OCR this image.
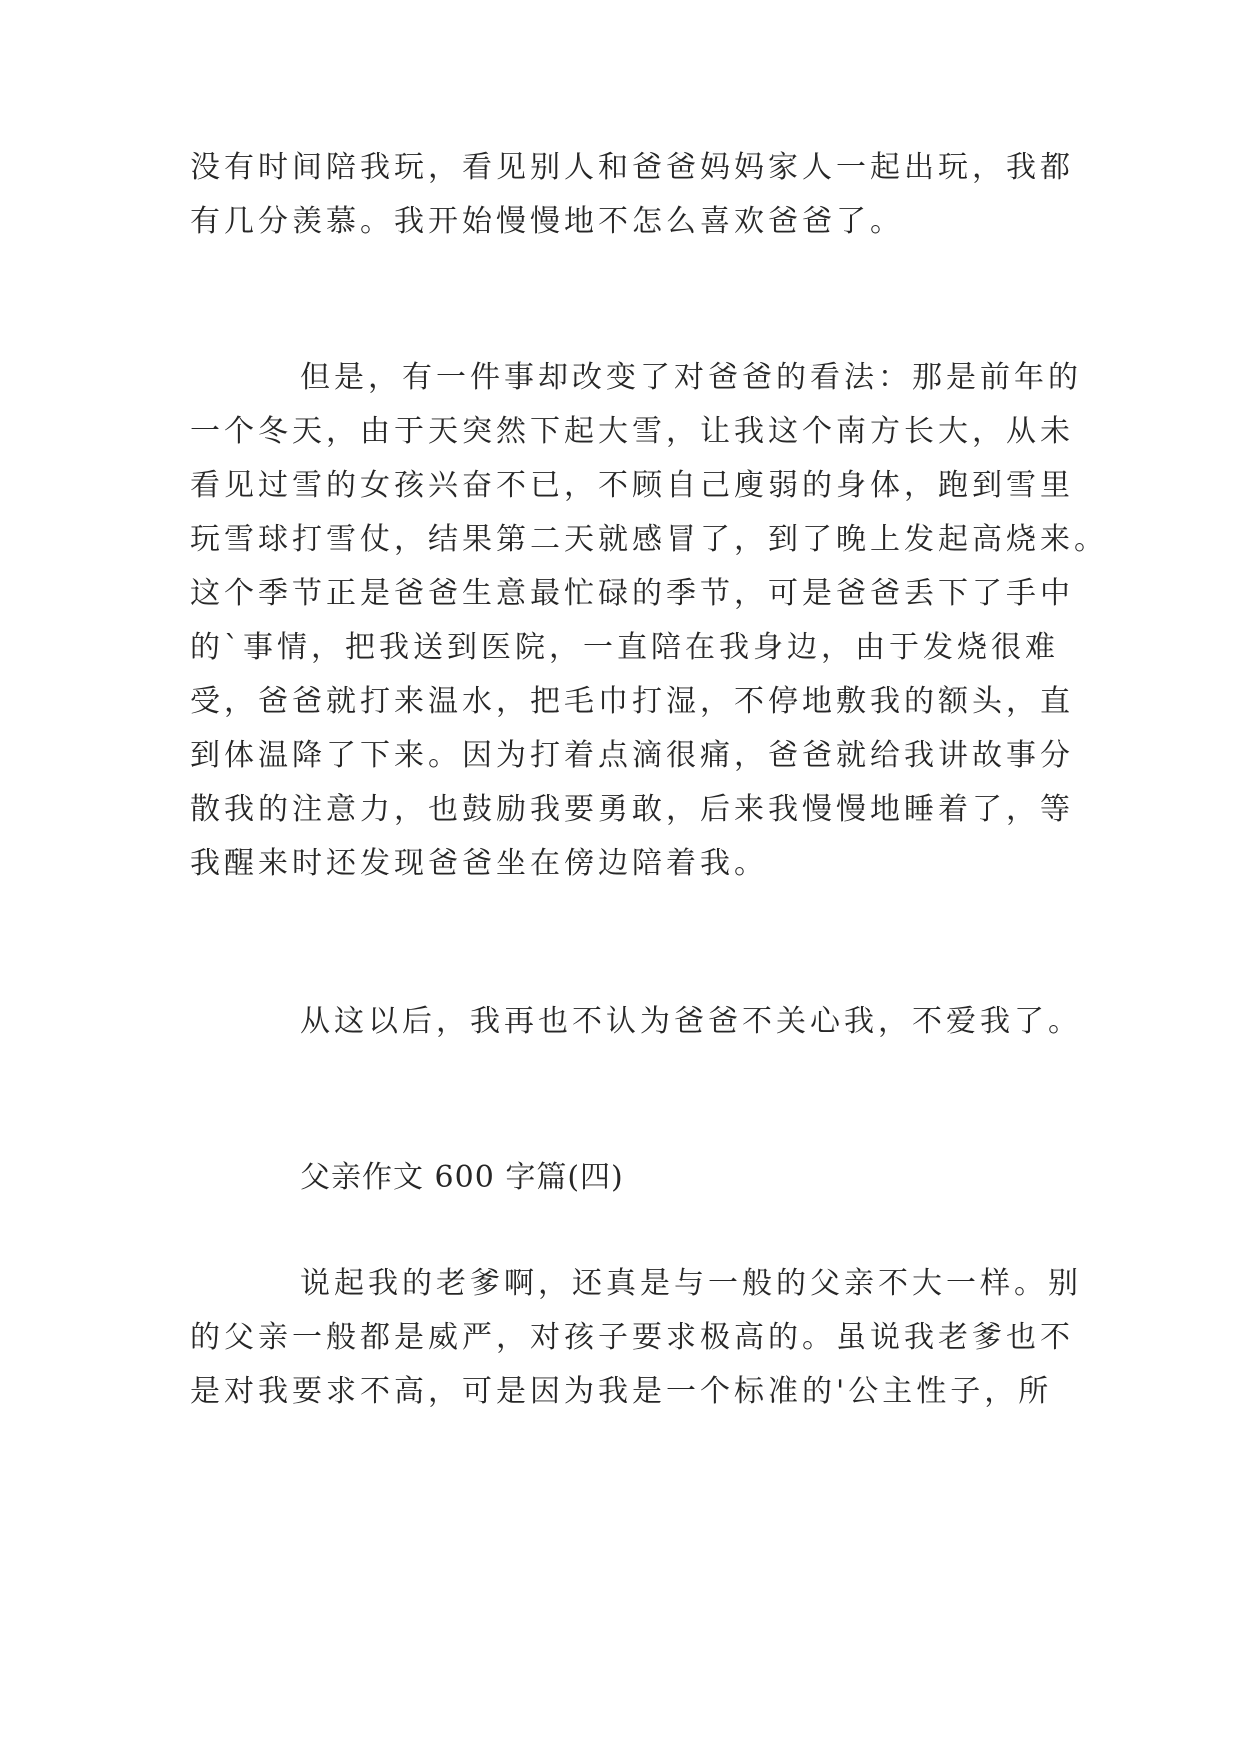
没有时间陪我玩，看见别人和爸爸妈妈家人一起出玩，我都
有几分羡慕。我开始慢慢地不怎么喜欢爸爸了。
但是，有一件事却改变了对爸爸的看法：那是前年的
一个冬天，由于天突然下起大雪，让我这个南方长大，从未
看见过雪的女孩兴奋不已，不顾自己廋弱的身体，跑到雪里
玩雪球打雪仗，结果第二天就感冒了，到了晚上发起高烧来。
这个季节正是爸爸生意最忙碌的季节，可是爸爸丢下了手中
的`事情，把我送到医院，一直陪在我身边，由于发烧很难
受，爸爸就打来温水，把毛巾打湿，不停地敷我的额头，直
到体温降了下来。因为打着点滴很痛，爸爸就给我讲故事分
散我的注意力，也鼓励我要勇敢，后来我慢慢地睡着了，等
我醒来时还发现爸爸坐在傍边陪着我。
从这以后，我再也不认为爸爸不关心我，不爱我了。
父亲作文 600 字篇(四)
说起我的老爹啊，还真是与一般的父亲不大一样。别
的父亲一般都是威严，对孩子要求极高的。虽说我老爹也不
是对我要求不高，可是因为我是一个标准的'公主性子，所
